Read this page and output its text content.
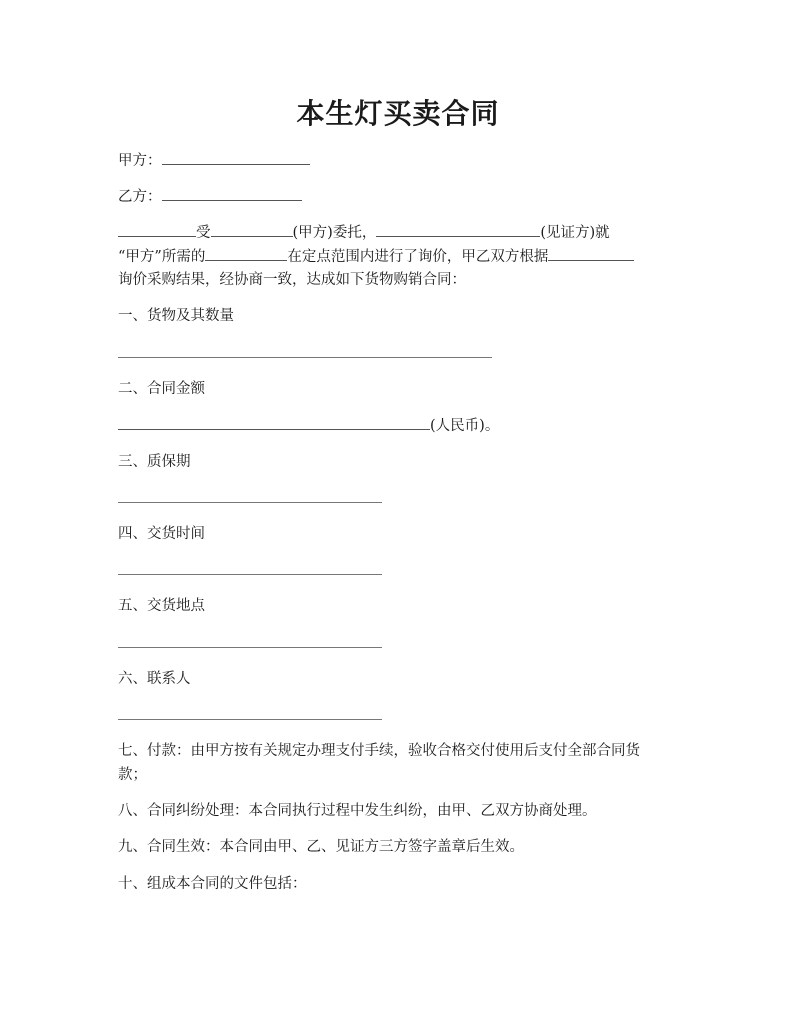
本生灯买卖合同
甲方：
乙方：
受	(甲方)委托，	(见证方)就
“甲方”所需的	在定点范围内进行了询价，甲乙双方根据
询价采购结果，经协商一致，达成如下货物购销合同：
一、货物及其数量
二、合同金额
(人民币)。
三、质保期
四、交货时间
五、交货地点
六、联系人
七、付款：由甲方按有关规定办理支付手续，验收合格交付使用后支付全部合同货
款；
八、合同纠纷处理：本合同执行过程中发生纠纷，由甲、乙双方协商处理。
九、合同生效：本合同由甲、乙、见证方三方签字盖章后生效。
十、组成本合同的文件包括：
